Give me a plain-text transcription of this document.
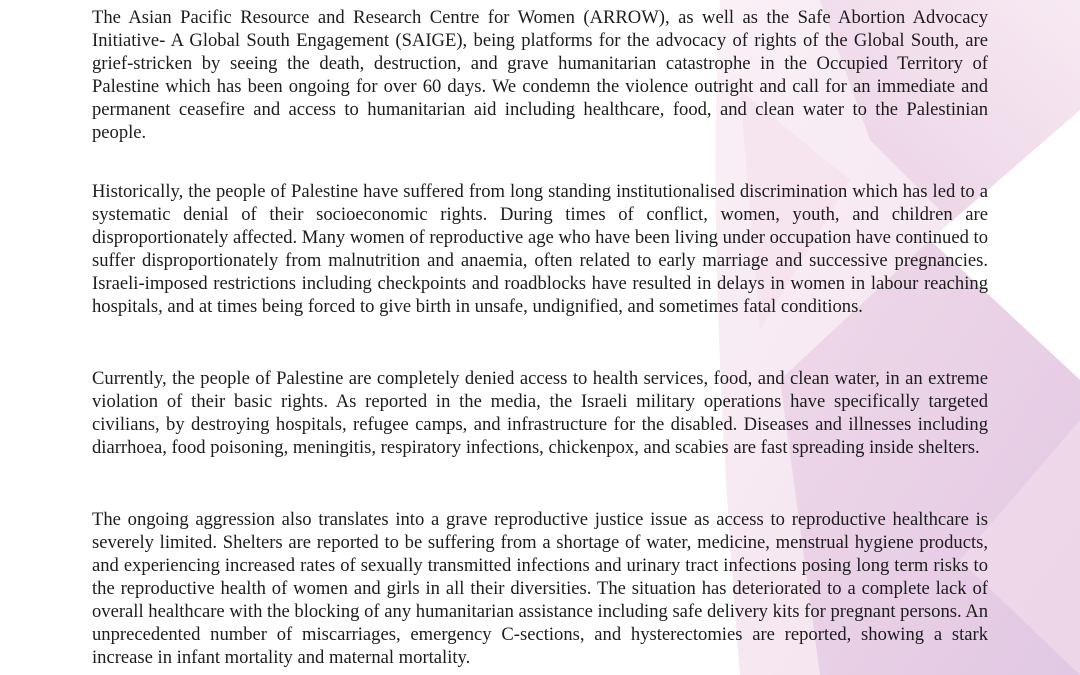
The Asian Pacific Resource and Research Centre for Women (ARROW), as well as the Safe Abortion Advocacy Initiative- A Global South Engagement (SAIGE), being platforms for the advocacy of rights of the Global South, are grief-stricken by seeing the death, destruction, and grave humanitarian catastrophe in the Occupied Territory of Palestine which has been ongoing for over 60 days. We condemn the violence outright and call for an immediate and permanent ceasefire and access to humanitarian aid including healthcare, food, and clean water to the Palestinian people.

Historically, the people of Palestine have suffered from long standing institutionalised discrimination which has led to a systematic denial of their socioeconomic rights. During times of conflict, women, youth, and children are disproportionately affected. Many women of reproductive age who have been living under occupation have continued to suffer disproportionately from malnutrition and anaemia, often related to early marriage and successive pregnancies. Israeli-imposed restrictions including checkpoints and roadblocks have resulted in delays in women in labour reaching hospitals, and at times being forced to give birth in unsafe, undignified, and sometimes fatal conditions.

Currently, the people of Palestine are completely denied access to health services, food, and clean water, in an extreme violation of their basic rights. As reported in the media, the Israeli military operations have specifically targeted civilians, by destroying hospitals, refugee camps, and infrastructure for the disabled. Diseases and illnesses including diarrhoea, food poisoning, meningitis, respiratory infections, chickenpox, and scabies are fast spreading inside shelters.

The ongoing aggression also translates into a grave reproductive justice issue as access to reproductive healthcare is severely limited. Shelters are reported to be suffering from a shortage of water, medicine, menstrual hygiene products, and experiencing increased rates of sexually transmitted infections and urinary tract infections posing long term risks to the reproductive health of women and girls in all their diversities. The situation has deteriorated to a complete lack of overall healthcare with the blocking of any humanitarian assistance including safe delivery kits for pregnant persons. An unprecedented number of miscarriages, emergency C-sections, and hysterectomies are reported, showing a stark increase in infant mortality and maternal mortality.
